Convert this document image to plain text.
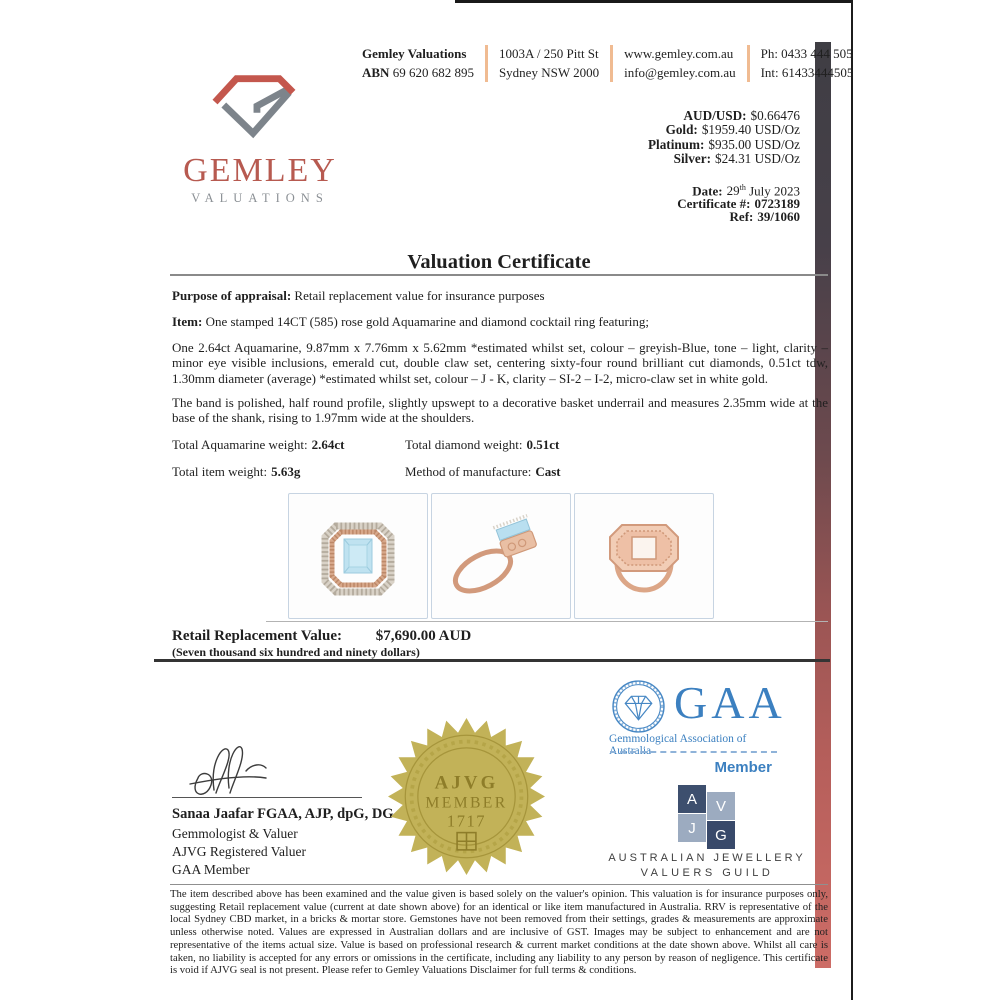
GEMLEY
VALUATIONS
Gemley Valuations
ABN 69 620 682 895
1003A / 250 Pitt St
Sydney NSW 2000
www.gemley.com.au
info@gemley.com.au
Ph: 0433 444 505
Int: 61433444505
AUD/USD: $0.66476
Gold: $1959.40 USD/Oz
Platinum: $935.00 USD/Oz
Silver: $24.31 USD/Oz
Date: 29th July 2023
Certificate #: 0723189
Ref: 39/1060
Valuation Certificate
Purpose of appraisal: Retail replacement value for insurance purposes
Item: One stamped 14CT (585) rose gold Aquamarine and diamond cocktail ring featuring;
One 2.64ct Aquamarine, 9.87mm x 7.76mm x 5.62mm *estimated whilst set, colour – greyish-Blue, tone – light, clarity – minor eye visible inclusions, emerald cut, double claw set, centering sixty-four round brilliant cut diamonds, 0.51ct tdw, 1.30mm diameter (average) *estimated whilst set, colour – J - K, clarity – SI-2 – I-2, micro-claw set in white gold.
The band is polished, half round profile, slightly upswept to a decorative basket underrail and measures 2.35mm wide at the base of the shank, rising to 1.97mm wide at the shoulders.
Total Aquamarine weight: 2.64ct	Total diamond weight: 0.51ct
Total item weight: 5.63g	Method of manufacture: Cast
Retail Replacement Value: $7,690.00 AUD
(Seven thousand six hundred and ninety dollars)
Sanaa Jaafar FGAA, AJP, dpG, DG
Gemmologist & Valuer
AJVG Registered Valuer
GAA Member
AJVG
MEMBER
1717
GAA
Gemmological Association of Australia
Member
A	V
J	G
AUSTRALIAN JEWELLERY
VALUERS GUILD
The item described above has been examined and the value given is based solely on the valuer's opinion. This valuation is for insurance purposes only, suggesting Retail replacement value (current at date shown above) for an identical or like item manufactured in Australia. RRV is representative of the local Sydney CBD market, in a bricks & mortar store. Gemstones have not been removed from their settings, grades & measurements are approximate unless otherwise noted. Values are expressed in Australian dollars and are inclusive of GST. Images may be subject to enhancement and are not representative of the items actual size. Value is based on professional research & current market conditions at the date shown above. Whilst all care is taken, no liability is accepted for any errors or omissions in the certificate, including any liability to any person by reason of negligence. This certificate is void if AJVG seal is not present. Please refer to Gemley Valuations Disclaimer for full terms & conditions.
